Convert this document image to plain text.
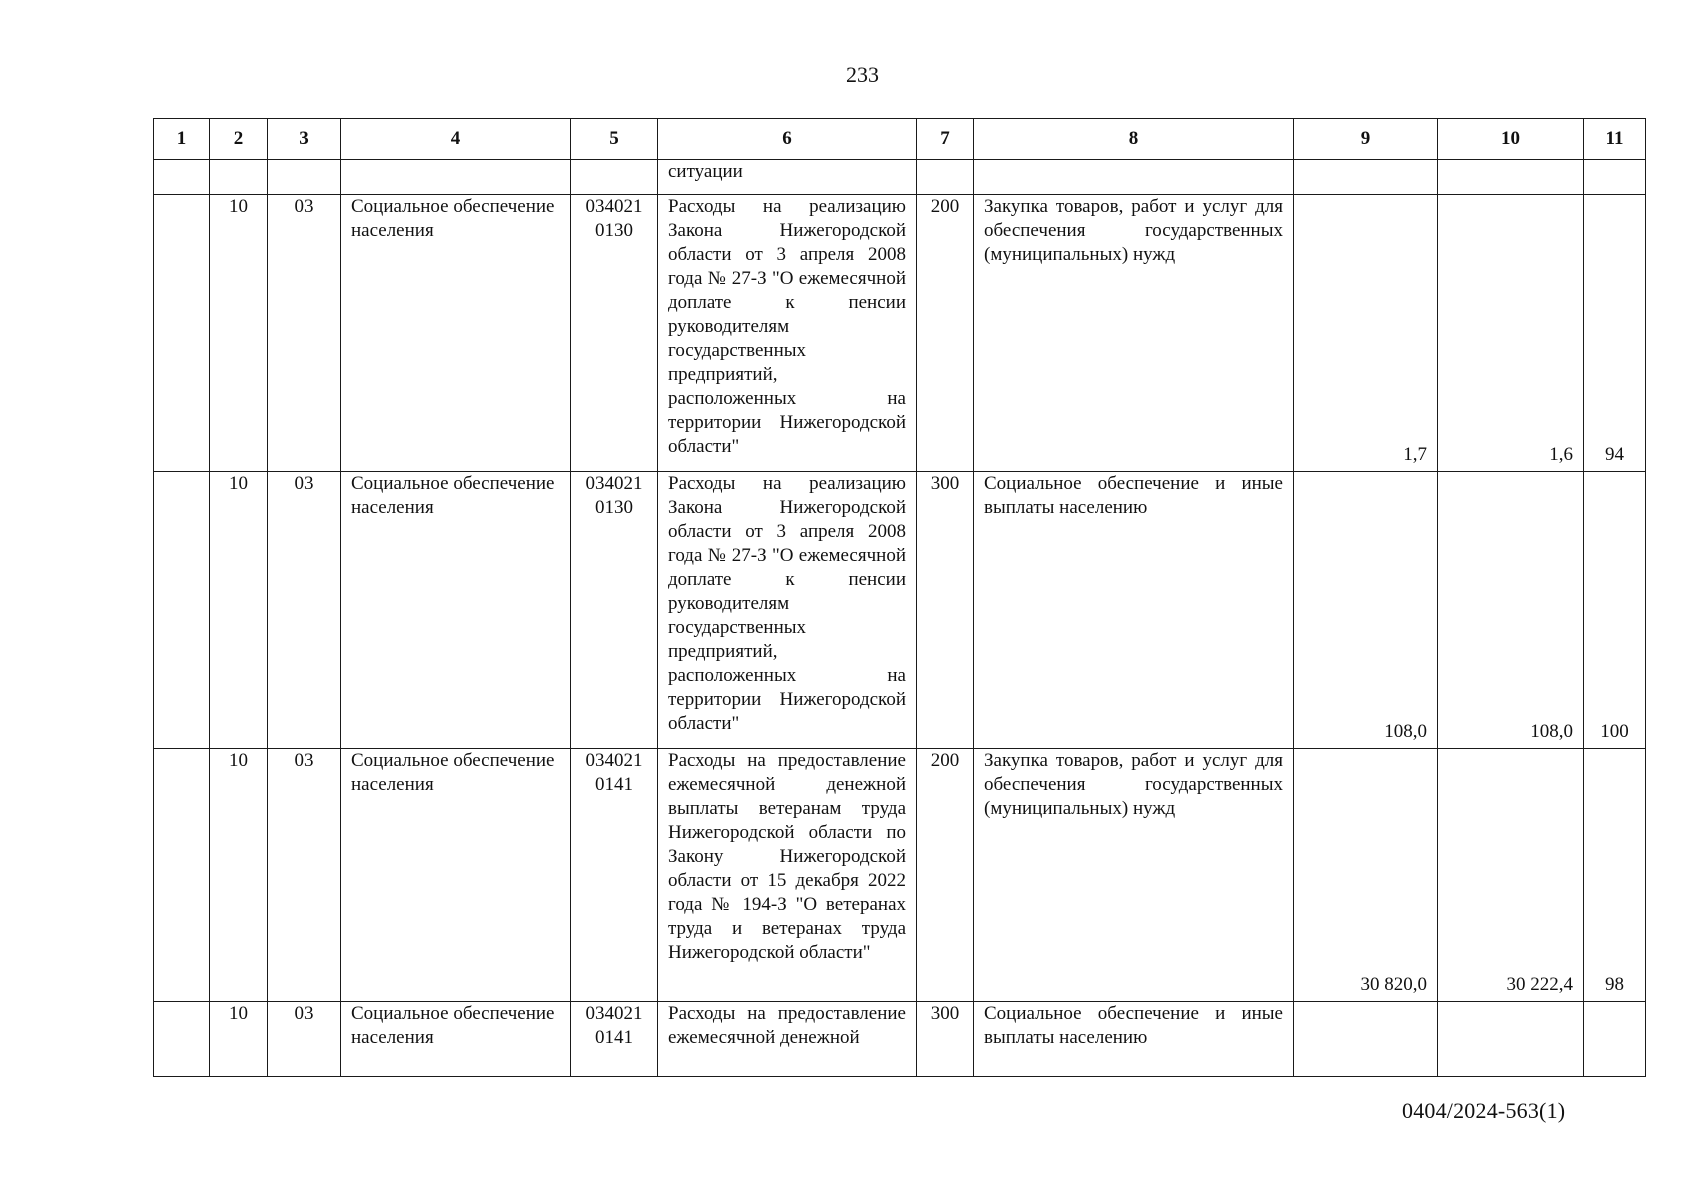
233
1	2	3	4	5	6	7	8	9	10	11
					ситуации					
	10	03	Социальное обеспечение населения	034021 0130	Расходы на реализацию Закона Нижегородской области от 3 апреля 2008 года № 27-З "О ежемесячной доплате к пенсии руководителям государственных предприятий, расположенных на территории Нижегородской области"	200	Закупка товаров, работ и услуг для обеспечения государственных (муниципальных) нужд	1,7	1,6	94
	10	03	Социальное обеспечение населения	034021 0130	Расходы на реализацию Закона Нижегородской области от 3 апреля 2008 года № 27-З "О ежемесячной доплате к пенсии руководителям государственных предприятий, расположенных на территории Нижегородской области"	300	Социальное обеспечение и иные выплаты населению	108,0	108,0	100
	10	03	Социальное обеспечение населения	034021 0141	Расходы на предоставление ежемесячной денежной выплаты ветеранам труда Нижегородской области по Закону Нижегородской области от 15 декабря 2022 года № 194-З "О ветеранах труда и ветеранах труда Нижегородской области"	200	Закупка товаров, работ и услуг для обеспечения государственных (муниципальных) нужд	30 820,0	30 222,4	98
	10	03	Социальное обеспечение населения	034021 0141	Расходы на предоставление ежемесячной денежной	300	Социальное обеспечение и иные выплаты населению			
0404/2024-563(1)
